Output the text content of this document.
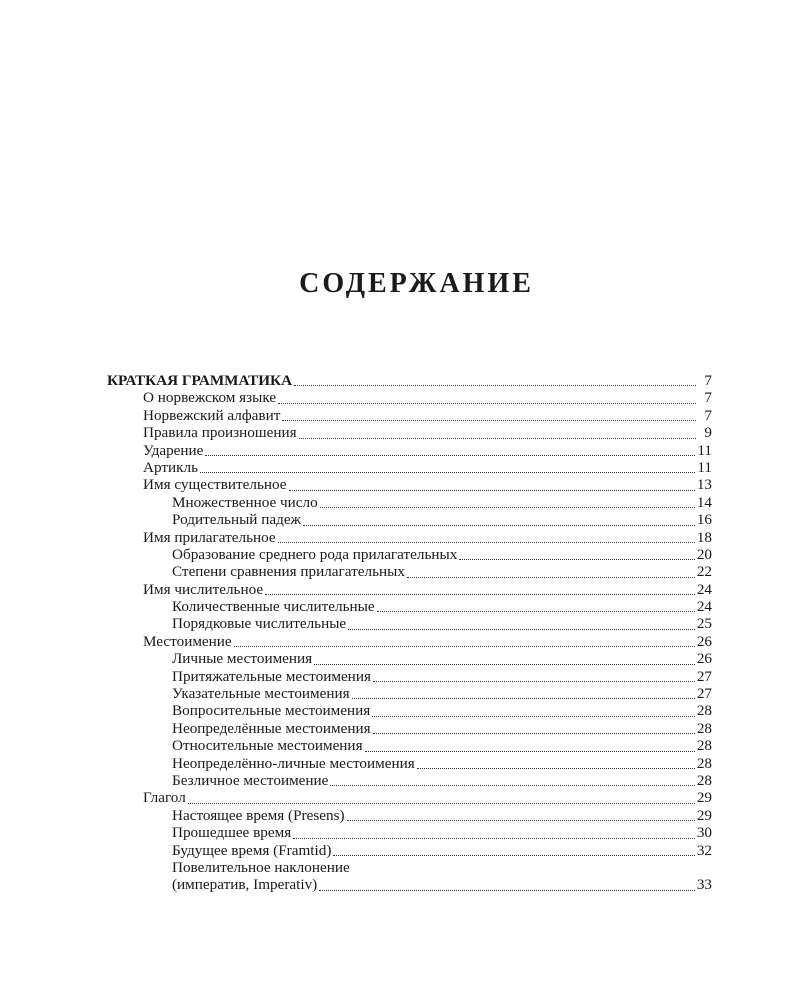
СОДЕРЖАНИЕ
КРАТКАЯ ГРАММАТИКА	7
О норвежском языке	7
Норвежский алфавит	7
Правила произношения	9
Ударение	11
Артикль	11
Имя существительное	13
Множественное число	14
Родительный падеж	16
Имя прилагательное	18
Образование среднего рода прилагательных	20
Степени сравнения прилагательных	22
Имя числительное	24
Количественные числительные	24
Порядковые числительные	25
Местоимение	26
Личные местоимения	26
Притяжательные местоимения	27
Указательные местоимения	27
Вопросительные местоимения	28
Неопределённые местоимения	28
Относительные местоимения	28
Неопределённо-личные местоимения	28
Безличное местоимение	28
Глагол	29
Настоящее время (Presens)	29
Прошедшее время	30
Будущее время (Framtid)	32
Повелительное наклонение
(императив, Imperativ)	33
